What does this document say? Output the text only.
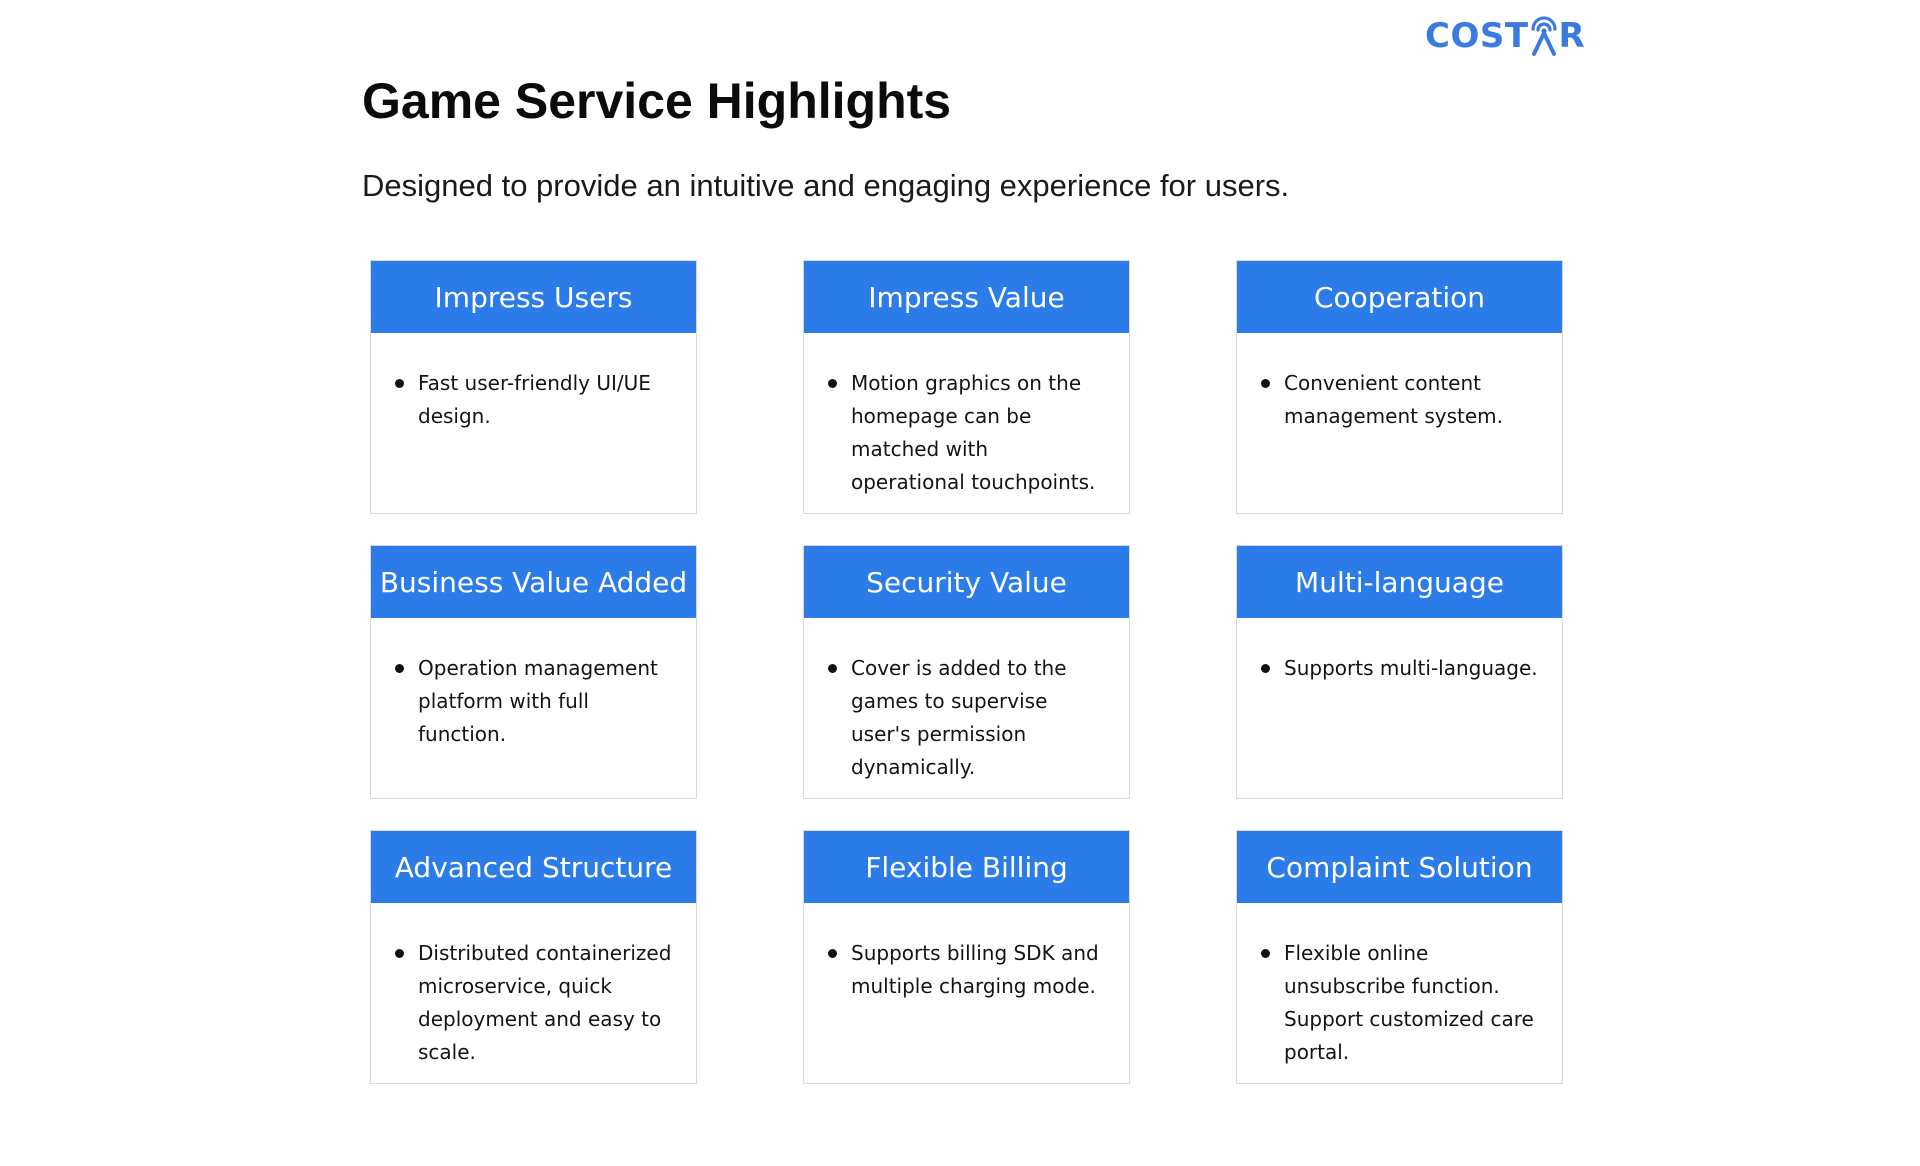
COST R
Game Service Highlights

Designed to provide an intuitive and engaging experience for users.

Impress Users
Fast user-friendly UI/UE design.
Impress Value
Motion graphics on the homepage can be matched with operational touchpoints.
Cooperation
Convenient content management system.
Business Value Added
Operation management platform with full function.
Security Value
Cover is added to the games to supervise user's permission dynamically.
Multi-language
Supports multi-language.
Advanced Structure
Distributed containerized microservice, quick deployment and easy to scale.
Flexible Billing
Supports billing SDK and multiple charging mode.
Complaint Solution
Flexible online unsubscribe function. Support customized care portal.
